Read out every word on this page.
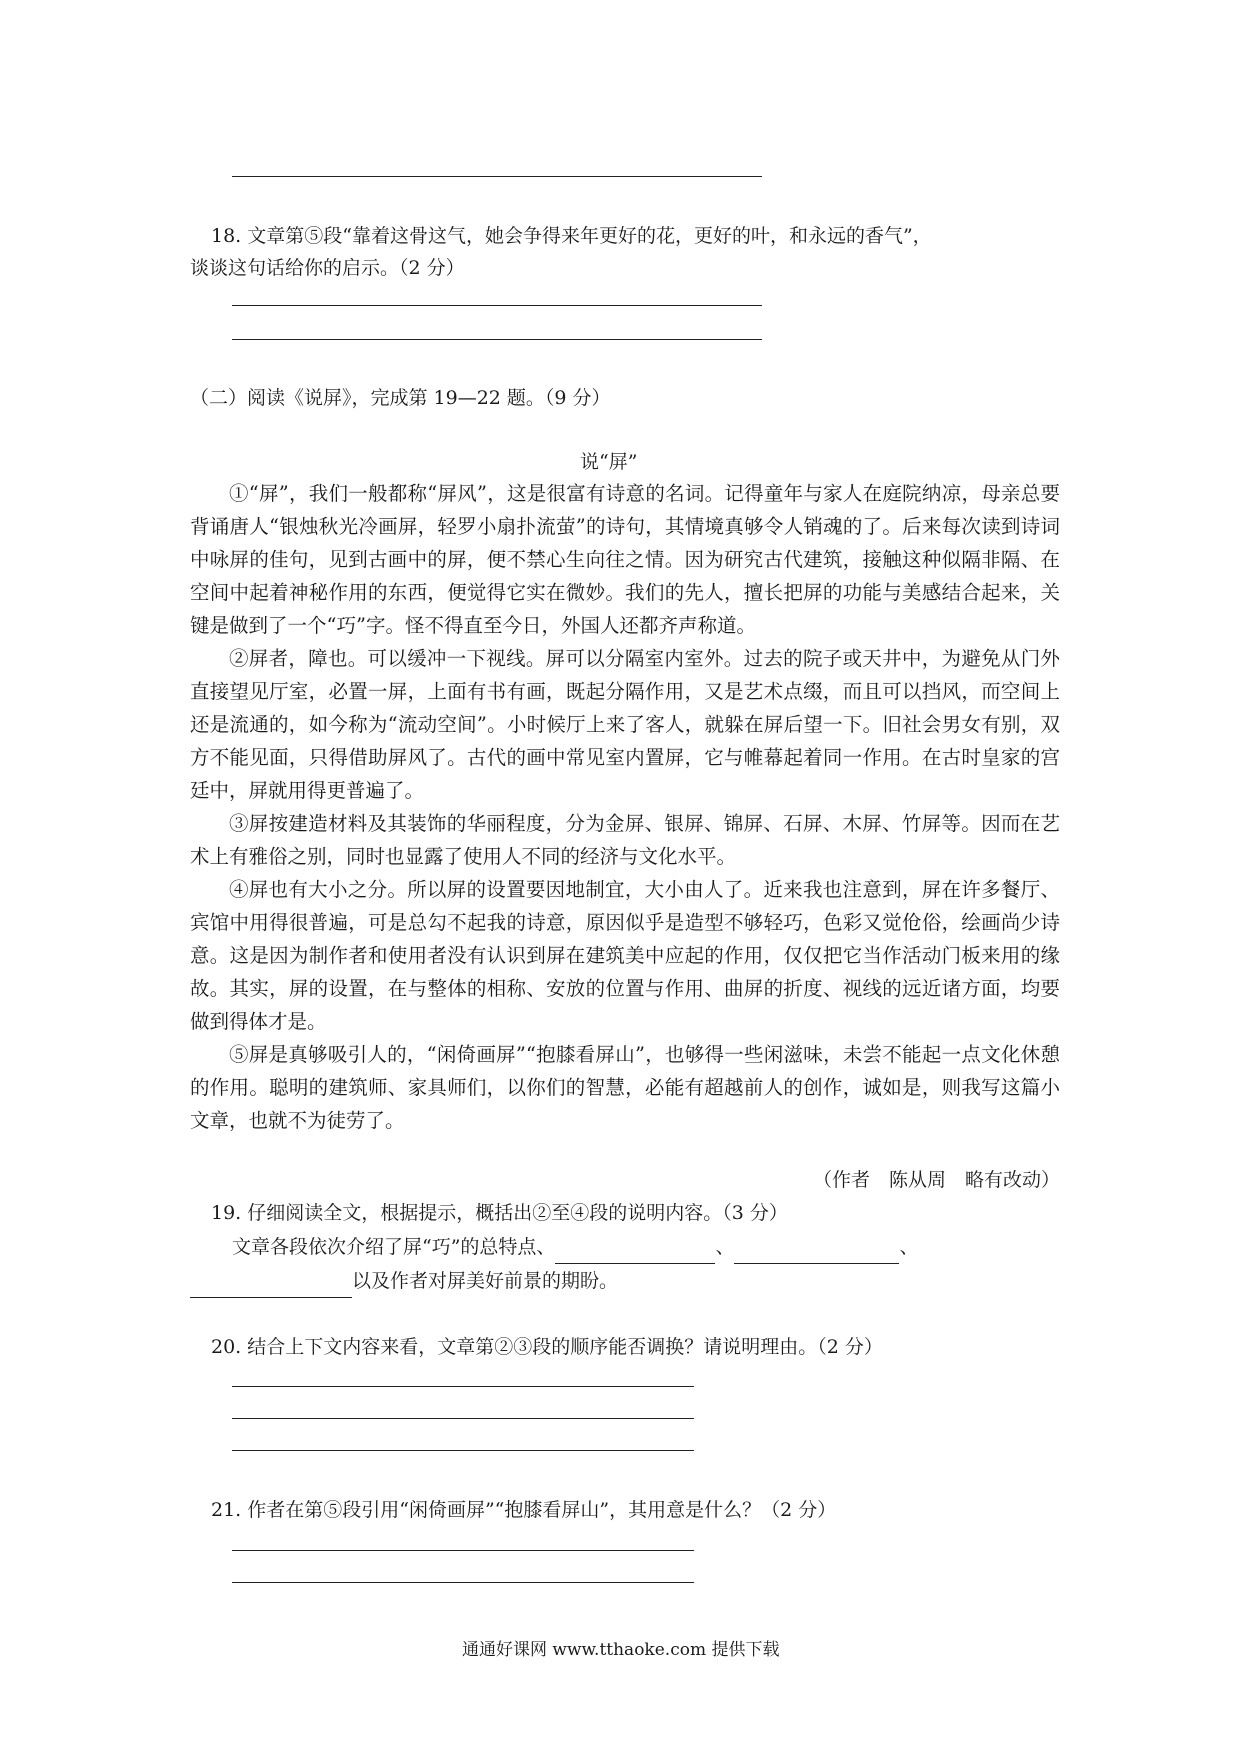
18. 文章第⑤段“靠着这骨这气，她会争得来年更好的花，更好的叶，和永远的香气”，
谈谈这句话给你的启示。（2 分）
（二）阅读《说屏》，完成第 19—22 题。（9 分）
说“屏”

①“屏”，我们一般都称“屏风”，这是很富有诗意的名词。记得童年与家人在庭院纳凉，母亲总要背诵唐人“银烛秋光冷画屏，轻罗小扇扑流萤”的诗句，其情境真够令人销魂的了。后来每次读到诗词中咏屏的佳句，见到古画中的屏，便不禁心生向往之情。因为研究古代建筑，接触这种似隔非隔、在空间中起着神秘作用的东西，便觉得它实在微妙。我们的先人，擅长把屏的功能与美感结合起来，关键是做到了一个“巧”字。怪不得直至今日，外国人还都齐声称道。

②屏者，障也。可以缓冲一下视线。屏可以分隔室内室外。过去的院子或天井中，为避免从门外直接望见厅室，必置一屏，上面有书有画，既起分隔作用，又是艺术点缀，而且可以挡风，而空间上还是流通的，如今称为“流动空间”。小时候厅上来了客人，就躲在屏后望一下。旧社会男女有别，双方不能见面，只得借助屏风了。古代的画中常见室内置屏，它与帷幕起着同一作用。在古时皇家的宫廷中，屏就用得更普遍了。

③屏按建造材料及其装饰的华丽程度，分为金屏、银屏、锦屏、石屏、木屏、竹屏等。因而在艺术上有雅俗之别，同时也显露了使用人不同的经济与文化水平。

④屏也有大小之分。所以屏的设置要因地制宜，大小由人了。近来我也注意到，屏在许多餐厅、宾馆中用得很普遍，可是总勾不起我的诗意，原因似乎是造型不够轻巧，色彩又觉伧俗，绘画尚少诗意。这是因为制作者和使用者没有认识到屏在建筑美中应起的作用，仅仅把它当作活动门板来用的缘故。其实，屏的设置，在与整体的相称、安放的位置与作用、曲屏的折度、视线的远近诸方面，均要做到得体才是。

⑤屏是真够吸引人的，“闲倚画屏”“抱膝看屏山”，也够得一些闲滋味，未尝不能起一点文化休憩的作用。聪明的建筑师、家具师们，以你们的智慧，必能有超越前人的创作，诚如是，则我写这篇小文章，也就不为徒劳了。

（作者　陈从周　略有改动）
19. 仔细阅读全文，根据提示，概括出②至④段的说明内容。（3 分）
文章各段依次介绍了屏“巧”的总特点、	、	、
以及作者对屏美好前景的期盼。
20. 结合上下文内容来看，文章第②③段的顺序能否调换？请说明理由。（2 分）
21. 作者在第⑤段引用“闲倚画屏”“抱膝看屏山”，其用意是什么？（2 分）
通通好课网 www.tthaoke.com 提供下载
